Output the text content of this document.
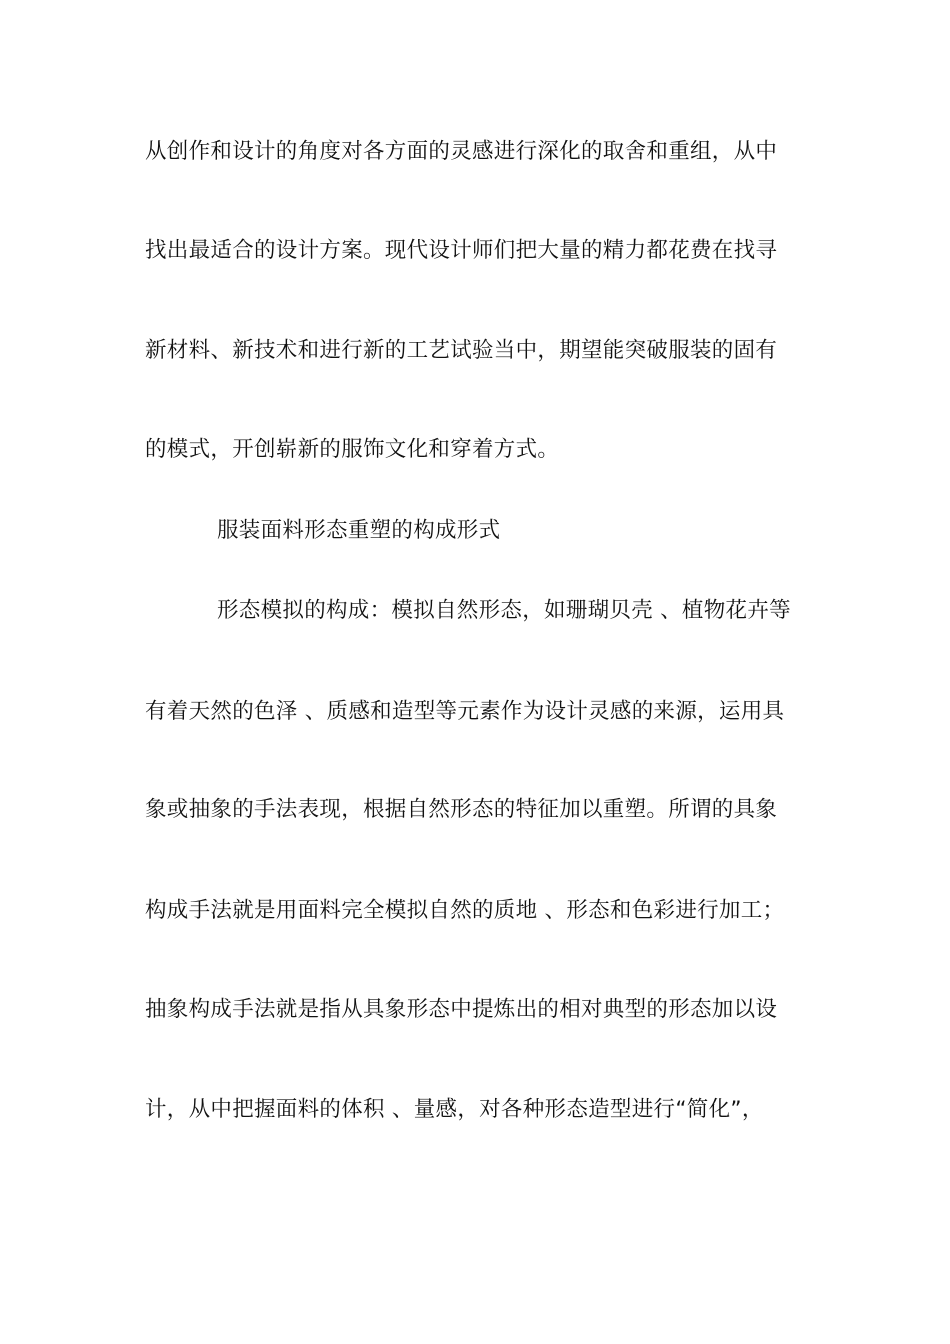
从创作和设计的角度对各方面的灵感进行深化的取舍和重组，从中
找出最适合的设计方案。现代设计师们把大量的精力都花费在找寻
新材料、新技术和进行新的工艺试验当中，期望能突破服装的固有
的模式，开创崭新的服饰文化和穿着方式。
服装面料形态重塑的构成形式
形态模拟的构成：模拟自然形态，如珊瑚贝壳 、植物花卉等
有着天然的色泽 、质感和造型等元素作为设计灵感的来源，运用具
象或抽象的手法表现，根据自然形态的特征加以重塑。所谓的具象
构成手法就是用面料完全模拟自然的质地 、形态和色彩进行加工；
抽象构成手法就是指从具象形态中提炼出的相对典型的形态加以设
计，从中把握面料的体积 、量感，对各种形态造型进行“简化”，
